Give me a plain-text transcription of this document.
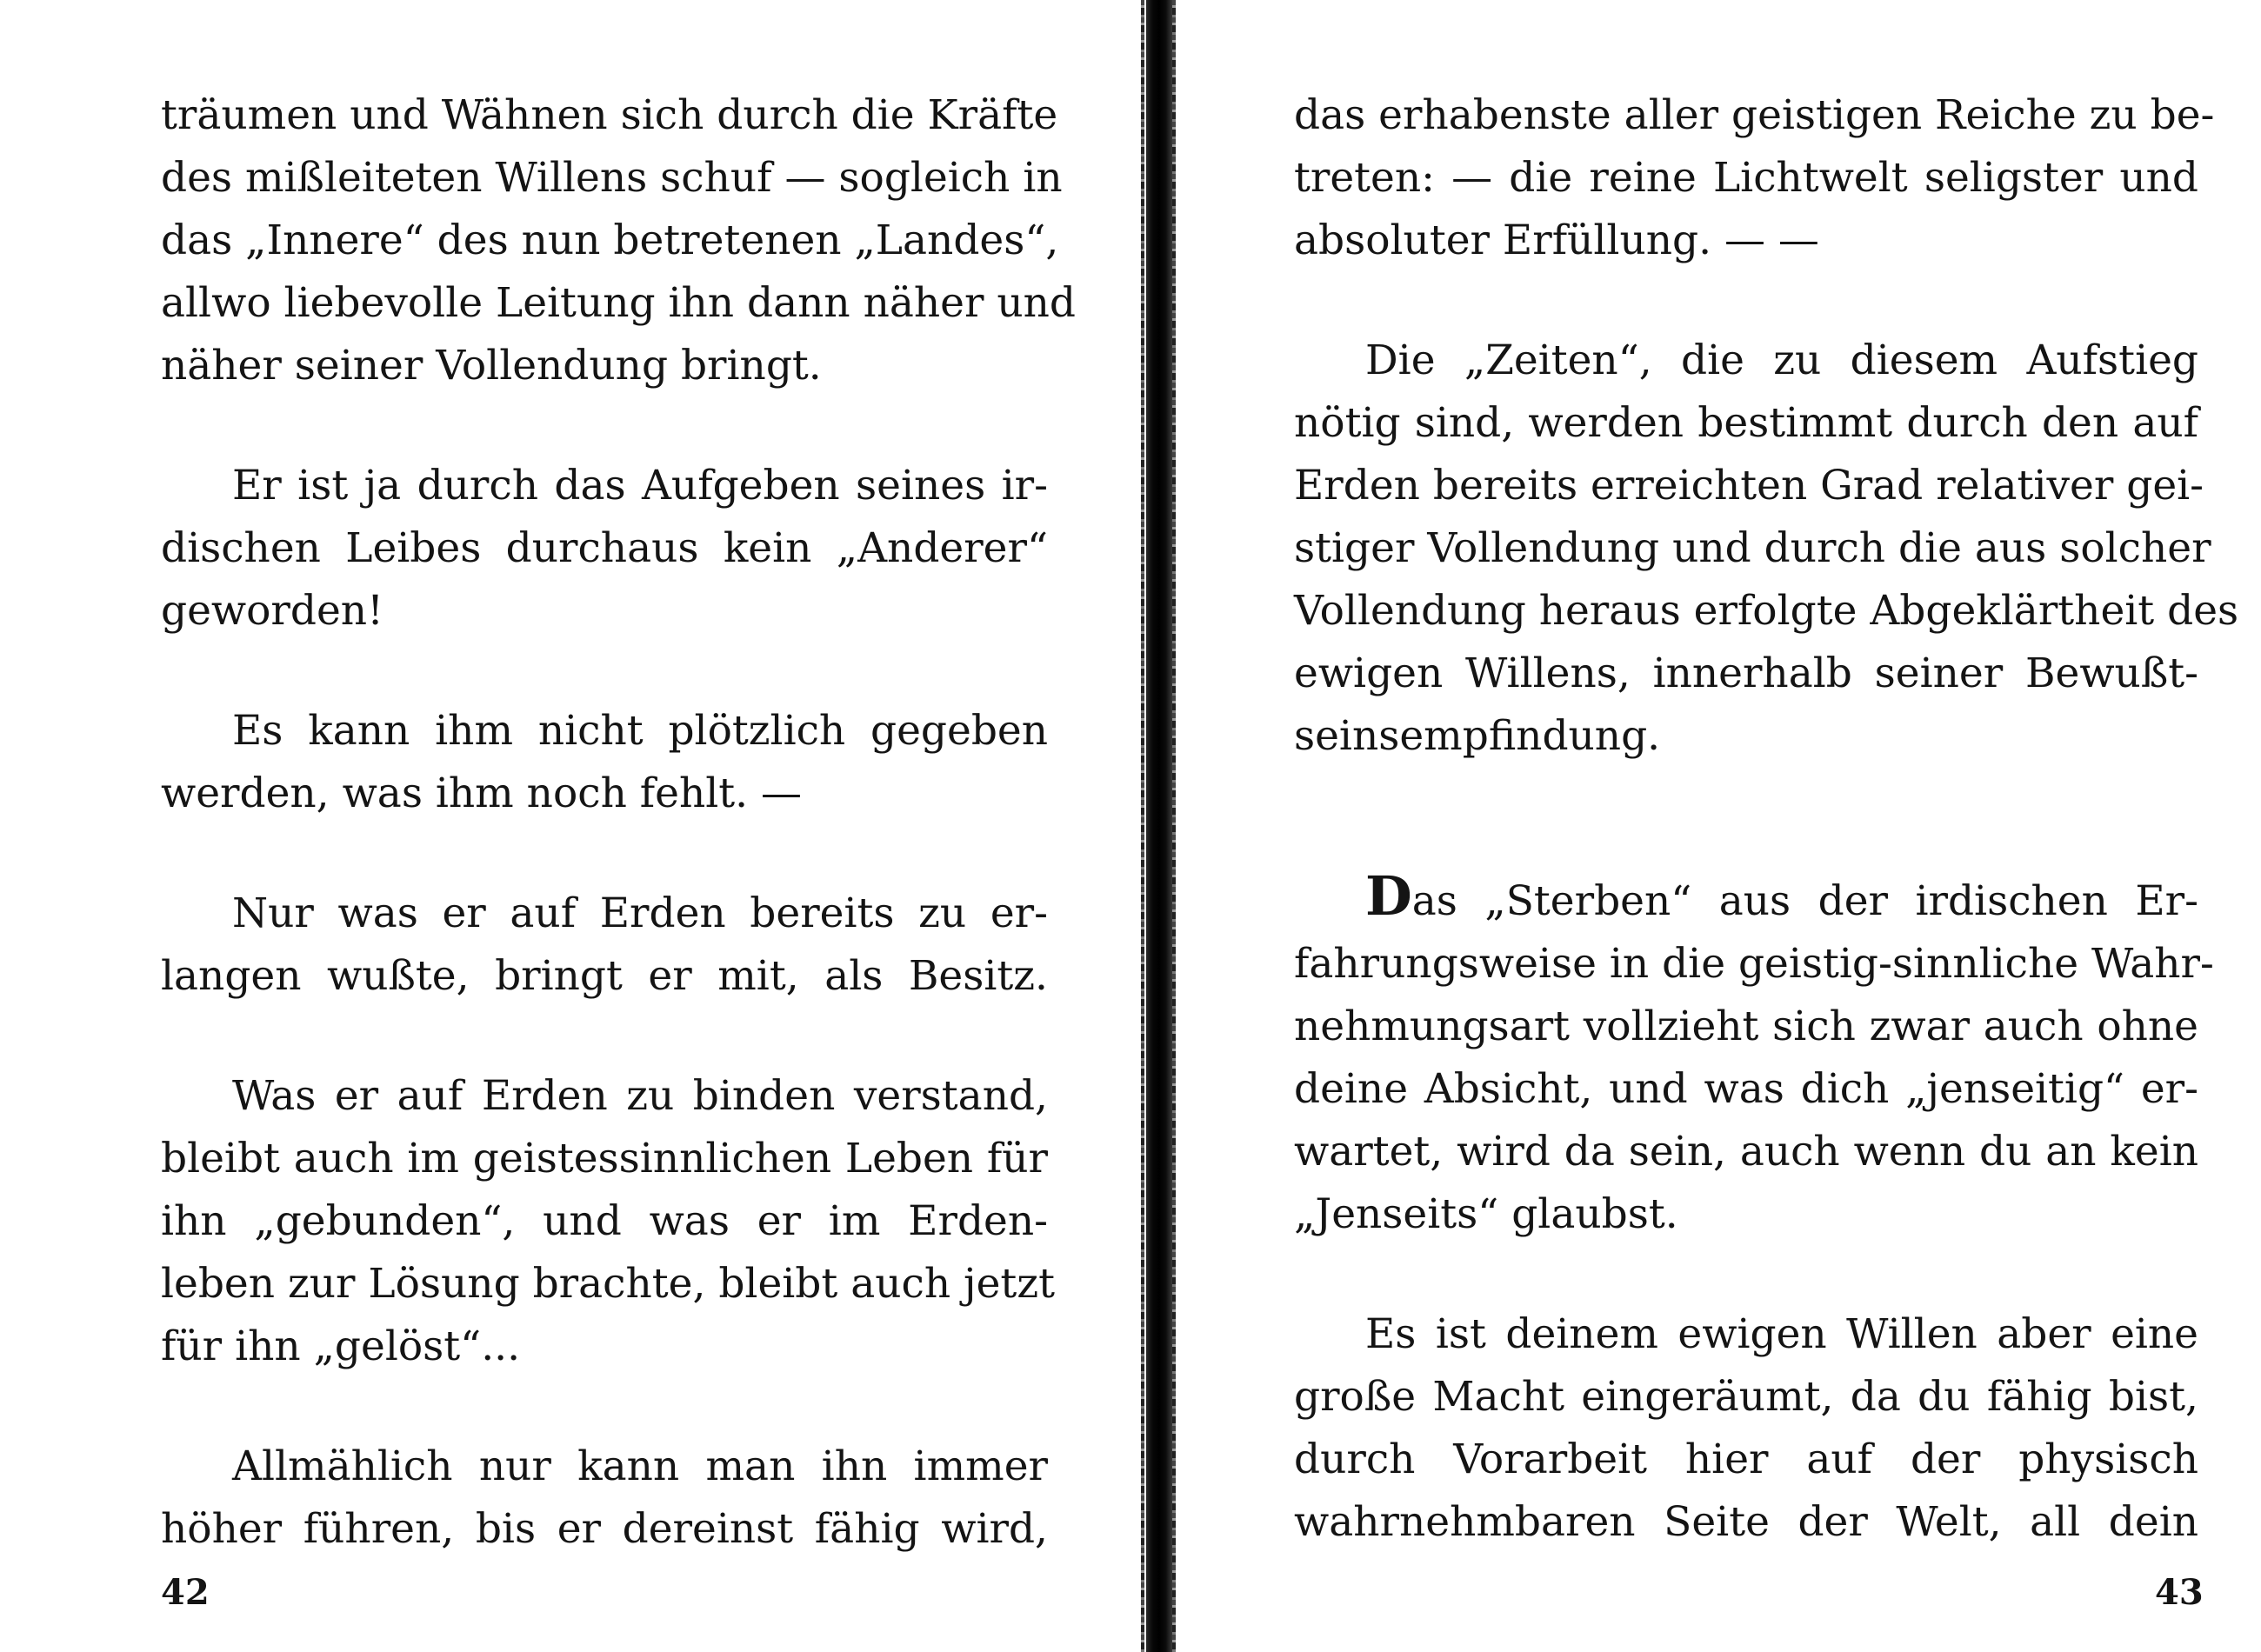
träumen und Wähnen sich durch die Kräfte
des mißleiteten Willens schuf — sogleich in
das „Innere“ des nun betretenen „Landes“,
allwo liebevolle Leitung ihn dann näher und
näher seiner Vollendung bringt.
Er ist ja durch das Aufgeben seines ir-
dischen Leibes durchaus kein „Anderer“
geworden!
Es kann ihm nicht plötzlich gegeben
werden, was ihm noch fehlt. —
Nur was er auf Erden bereits zu er-
langen wußte, bringt er mit, als Besitz.
Was er auf Erden zu binden verstand,
bleibt auch im geistessinnlichen Leben für
ihn „gebunden“, und was er im Erden-
leben zur Lösung brachte, bleibt auch jetzt
für ihn „gelöst“...
Allmählich nur kann man ihn immer
höher führen, bis er dereinst fähig wird,
42
das erhabenste aller geistigen Reiche zu be-
treten: — die reine Lichtwelt seligster und
absoluter Erfüllung. — —
Die „Zeiten“, die zu diesem Aufstieg
nötig sind, werden bestimmt durch den auf
Erden bereits erreichten Grad relativer gei-
stiger Vollendung und durch die aus solcher
Vollendung heraus erfolgte Abgeklärtheit des
ewigen Willens, innerhalb seiner Bewußt-
seinsempfindung.
Das „Sterben“ aus der irdischen Er-
fahrungsweise in die geistig-sinnliche Wahr-
nehmungsart vollzieht sich zwar auch ohne
deine Absicht, und was dich „jenseitig“ er-
wartet, wird da sein, auch wenn du an kein
„Jenseits“ glaubst.
Es ist deinem ewigen Willen aber eine
große Macht eingeräumt, da du fähig bist,
durch Vorarbeit hier auf der physisch
wahrnehmbaren Seite der Welt, all dein
43
